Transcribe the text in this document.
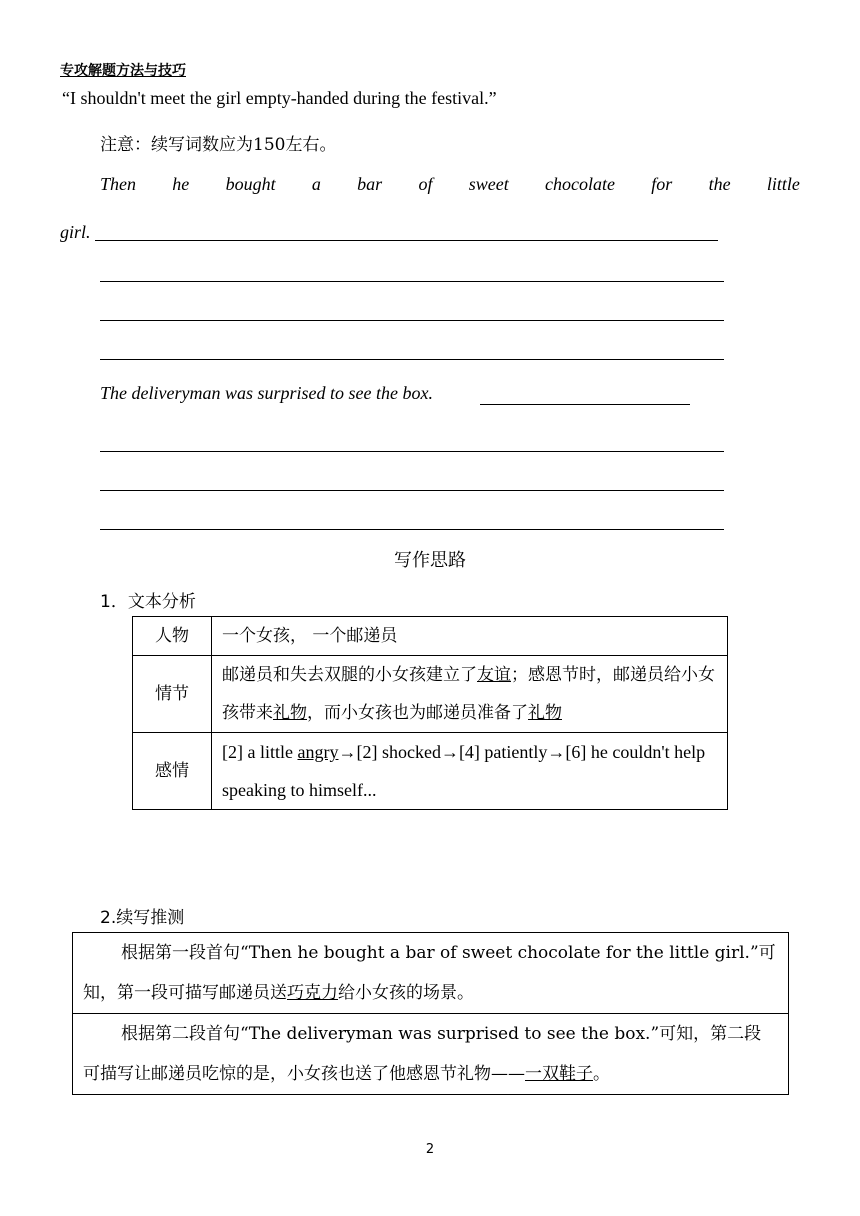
专攻解题方法与技巧
“I shouldn't meet the girl empty-handed during the festival.”
注意：续写词数应为150左右。
Then he bought a bar of sweet chocolate for the little
girl.
The deliveryman was surprised to see the box.
写作思路
1．文本分析
人物	一个女孩， 一个邮递员
情节	邮递员和失去双腿的小女孩建立了友谊；感恩节时，邮递员给小女孩带来礼物，而小女孩也为邮递员准备了礼物
感情	[2] a little angry→[2] shocked→[4] patiently→[6] he couldn't help speaking to himself...
2.续写推测
根据第一段首句“Then he bought a bar of sweet chocolate for the little girl.”可知，第一段可描写邮递员送巧克力给小女孩的场景。
根据第二段首句“The deliveryman was surprised to see the box.”可知，第二段可描写让邮递员吃惊的是，小女孩也送了他感恩节礼物——一双鞋子。
2
